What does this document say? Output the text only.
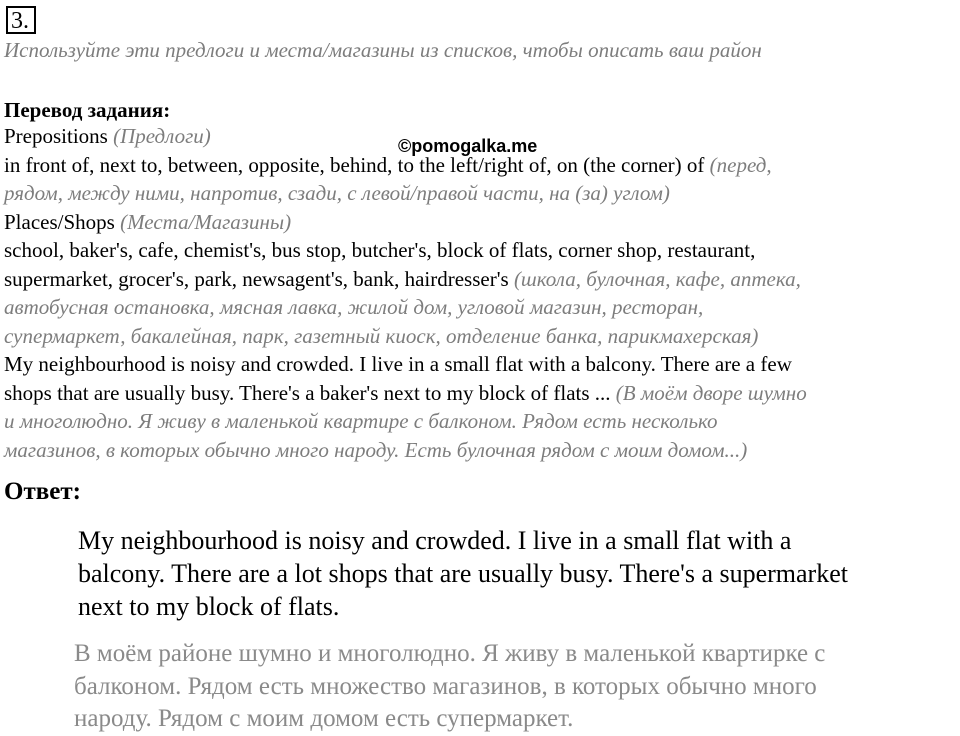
3.
Используйте эти предлоги и места/магазины из списков, чтобы описать ваш район
Перевод задания:
Prepositions (Предлоги)
in front of, next to, between, opposite, behind, to the left/right of, on (the corner) of (перед,
рядом, между ними, напротив, сзади, с левой/правой части, на (за) углом)
Places/Shops (Места/Магазины)
school, baker's, cafe, chemist's, bus stop, butcher's, block of flats, corner shop, restaurant,
supermarket, grocer's, park, newsagent's, bank, hairdresser's (школа, булочная, кафе, аптека,
автобусная остановка, мясная лавка, жилой дом, угловой магазин, ресторан,
супермаркет, бакалейная, парк, газетный киоск, отделение банка, парикмахерская)
My neighbourhood is noisy and crowded. I live in a small flat with a balcony. There are a few
shops that are usually busy. There's a baker's next to my block of flats ... (В моём дворе шумно
и многолюдно. Я живу в маленькой квартире с балконом. Рядом есть несколько
магазинов, в которых обычно много народу. Есть булочная рядом с моим домом...)
©pomogalka.me
Ответ:
My neighbourhood is noisy and crowded. I live in a small flat with a
balcony. There are a lot shops that are usually busy. There's a supermarket
next to my block of flats.
В моём районе шумно и многолюдно. Я живу в маленькой квартирке с
балконом. Рядом есть множество магазинов, в которых обычно много
народу. Рядом с моим домом есть супермаркет.
